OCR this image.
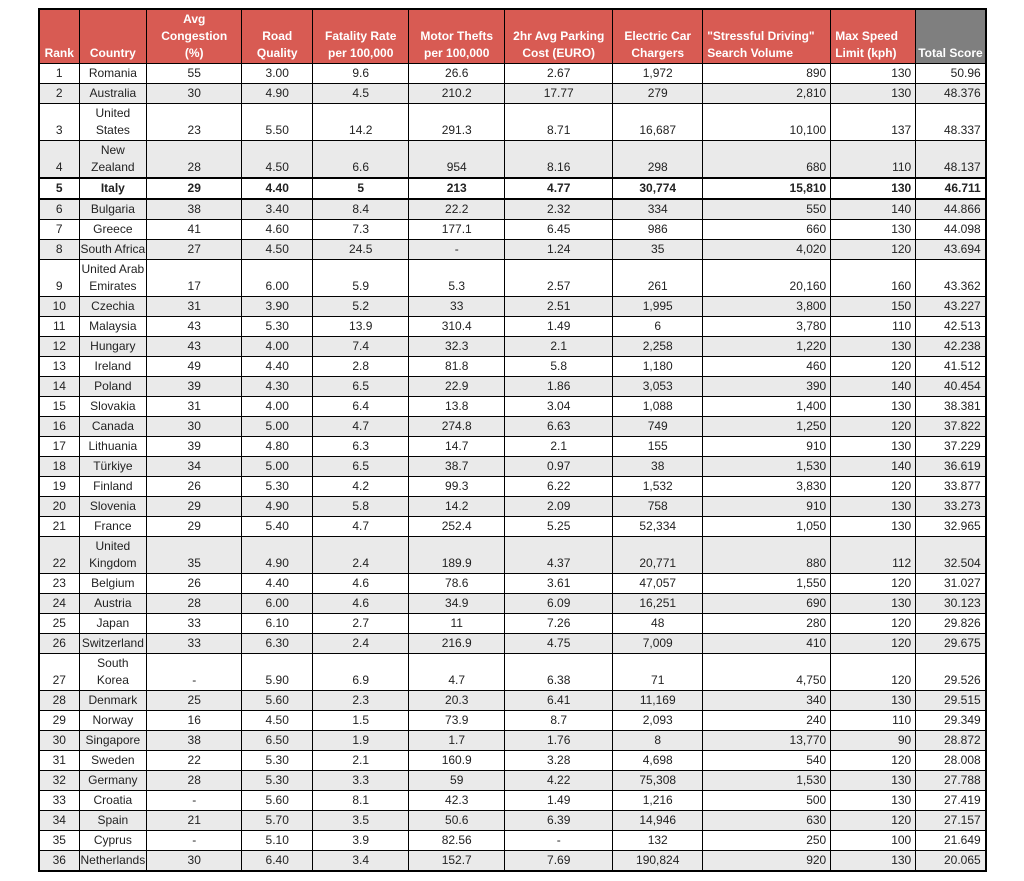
Rank	Country	Avg Congestion (%)	Road Quality	Fatality Rate per 100,000	Motor Thefts per 100,000	2hr Avg Parking Cost (EURO)	Electric Car Chargers	"Stressful Driving" Search Volume	Max Speed Limit (kph)	Total Score
1	Romania	55	3.00	9.6	26.6	2.67	1,972	890	130	50.96
2	Australia	30	4.90	4.5	210.2	17.77	279	2,810	130	48.376
3	United States	23	5.50	14.2	291.3	8.71	16,687	10,100	137	48.337
4	New Zealand	28	4.50	6.6	954	8.16	298	680	110	48.137
5	Italy	29	4.40	5	213	4.77	30,774	15,810	130	46.711
6	Bulgaria	38	3.40	8.4	22.2	2.32	334	550	140	44.866
7	Greece	41	4.60	7.3	177.1	6.45	986	660	130	44.098
8	South Africa	27	4.50	24.5	-	1.24	35	4,020	120	43.694
9	United Arab Emirates	17	6.00	5.9	5.3	2.57	261	20,160	160	43.362
10	Czechia	31	3.90	5.2	33	2.51	1,995	3,800	150	43.227
11	Malaysia	43	5.30	13.9	310.4	1.49	6	3,780	110	42.513
12	Hungary	43	4.00	7.4	32.3	2.1	2,258	1,220	130	42.238
13	Ireland	49	4.40	2.8	81.8	5.8	1,180	460	120	41.512
14	Poland	39	4.30	6.5	22.9	1.86	3,053	390	140	40.454
15	Slovakia	31	4.00	6.4	13.8	3.04	1,088	1,400	130	38.381
16	Canada	30	5.00	4.7	274.8	6.63	749	1,250	120	37.822
17	Lithuania	39	4.80	6.3	14.7	2.1	155	910	130	37.229
18	Türkiye	34	5.00	6.5	38.7	0.97	38	1,530	140	36.619
19	Finland	26	5.30	4.2	99.3	6.22	1,532	3,830	120	33.877
20	Slovenia	29	4.90	5.8	14.2	2.09	758	910	130	33.273
21	France	29	5.40	4.7	252.4	5.25	52,334	1,050	130	32.965
22	United Kingdom	35	4.90	2.4	189.9	4.37	20,771	880	112	32.504
23	Belgium	26	4.40	4.6	78.6	3.61	47,057	1,550	120	31.027
24	Austria	28	6.00	4.6	34.9	6.09	16,251	690	130	30.123
25	Japan	33	6.10	2.7	11	7.26	48	280	120	29.826
26	Switzerland	33	6.30	2.4	216.9	4.75	7,009	410	120	29.675
27	South Korea	-	5.90	6.9	4.7	6.38	71	4,750	120	29.526
28	Denmark	25	5.60	2.3	20.3	6.41	11,169	340	130	29.515
29	Norway	16	4.50	1.5	73.9	8.7	2,093	240	110	29.349
30	Singapore	38	6.50	1.9	1.7	1.76	8	13,770	90	28.872
31	Sweden	22	5.30	2.1	160.9	3.28	4,698	540	120	28.008
32	Germany	28	5.30	3.3	59	4.22	75,308	1,530	130	27.788
33	Croatia	-	5.60	8.1	42.3	1.49	1,216	500	130	27.419
34	Spain	21	5.70	3.5	50.6	6.39	14,946	630	120	27.157
35	Cyprus	-	5.10	3.9	82.56	-	132	250	100	21.649
36	Netherlands	30	6.40	3.4	152.7	7.69	190,824	920	130	20.065
